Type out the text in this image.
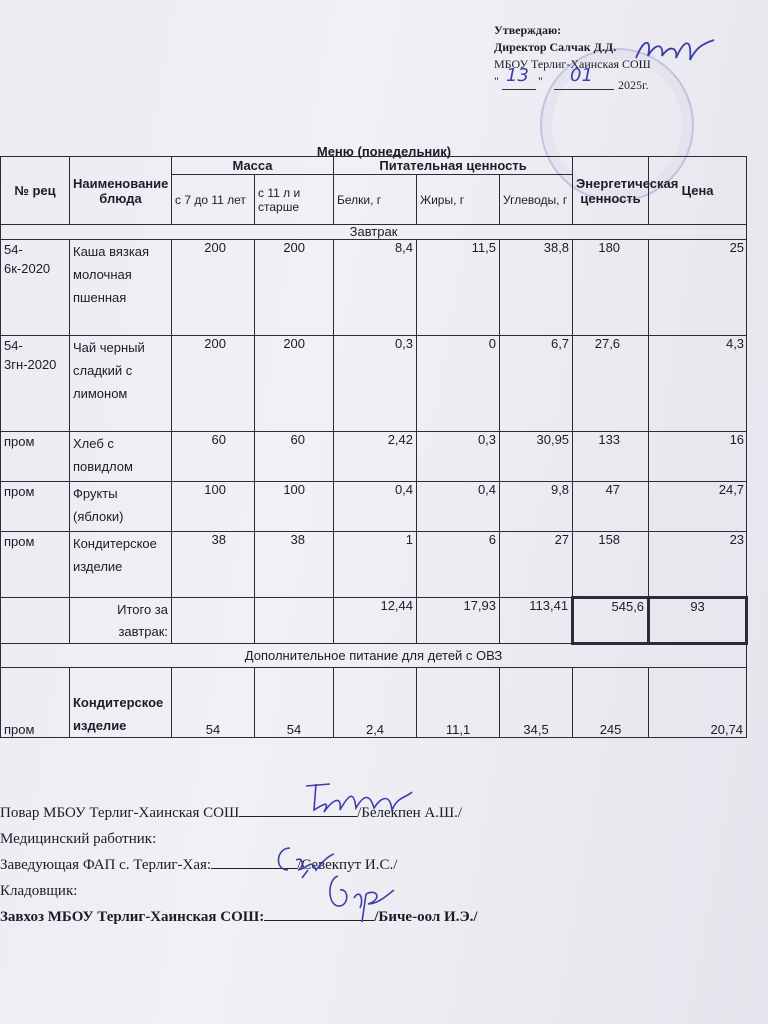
Утверждаю:
Директор Салчак Д.Д.
МБОУ Терлиг-Хаинская СОШ
" 13 " 01 2025г.
Меню (понедельник)
№ рец	Наименование блюда	Масса		Питательная ценность			Энергетическая ценность	Цена
		с 7 до 11 лет	с 11 л и старше	Белки, г	Жиры, г	Углеводы, г		
Завтрак								
54-6к-2020	Каша вязкая молочная пшенная	200	200	8,4	11,5	38,8	180	25
54-3гн-2020	Чай черный сладкий с лимоном	200	200	0,3	0	6,7	27,6	4,3
пром	Хлеб с повидлом	60	60	2,42	0,3	30,95	133	16
пром	Фрукты (яблоки)	100	100	0,4	0,4	9,8	47	24,7
пром	Кондитерское изделие	38	38	1	6	27	158	23
	Итого за завтрак:			12,44	17,93	113,41	545,6	93
Дополнительное питание для детей с ОВЗ								
пром	Кондитерское изделие	54	54	2,4	11,1	34,5	245	20,74
Повар МБОУ Терлиг-Хаинская СОШ	/Белекпен А.Ш./
Медицинский работник:
Заведующая ФАП с. Терлиг-Хая:	/Севекпут И.С./
Кладовщик:
Завхоз МБОУ Терлиг-Хаинская СОШ:	/Биче-оол И.Э./
